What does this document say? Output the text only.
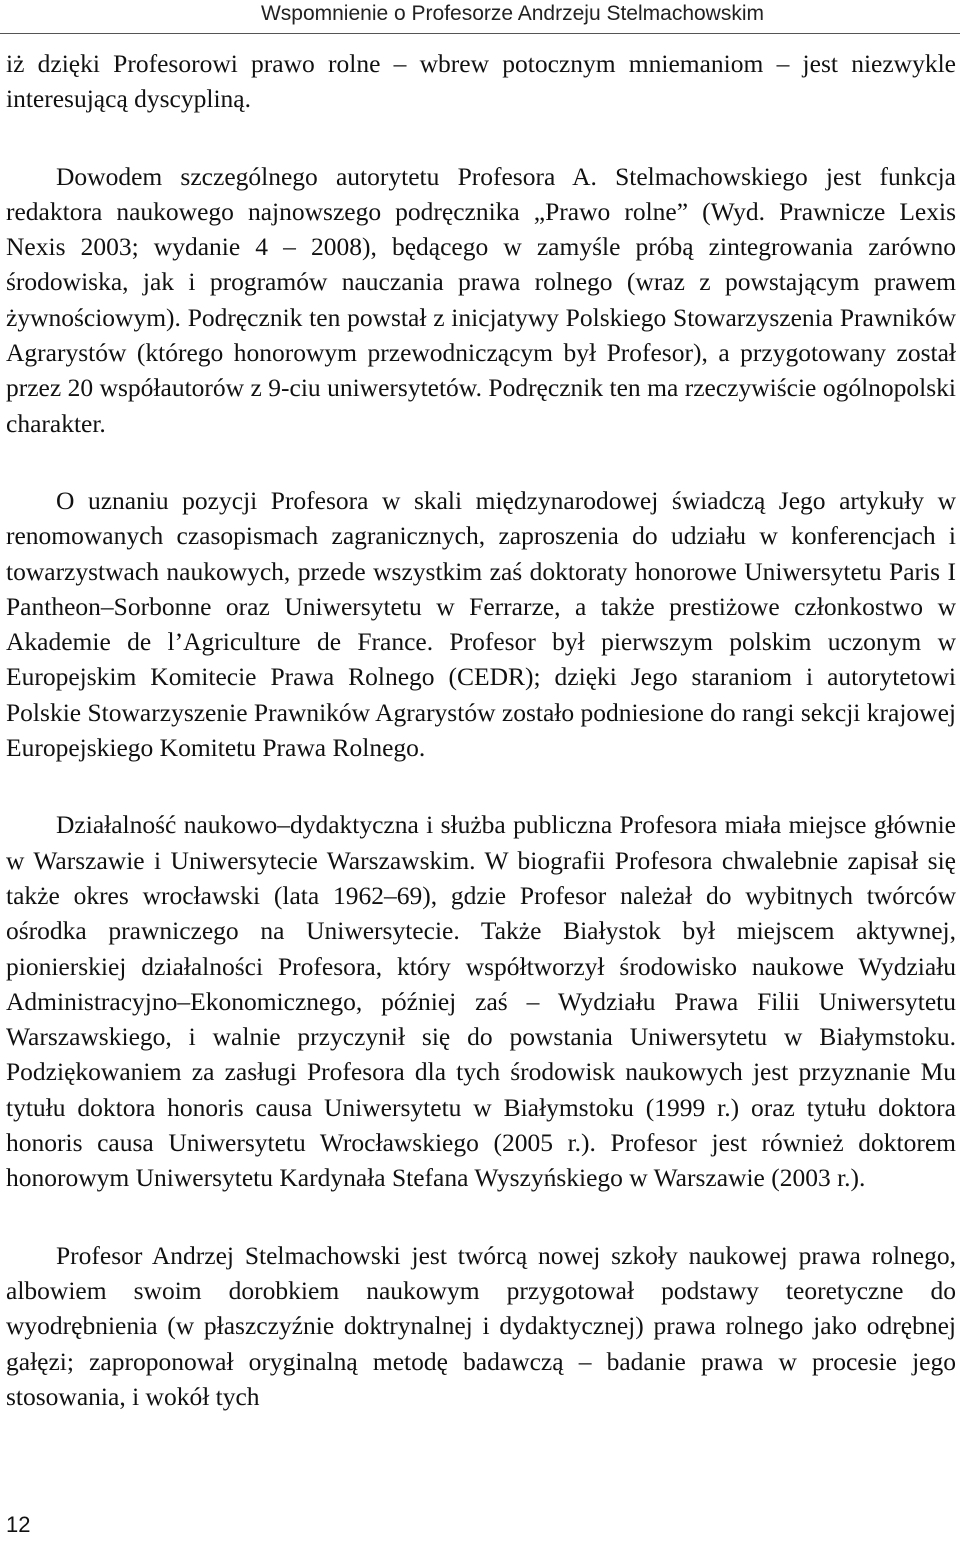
Wspomnienie o Profesorze Andrzeju Stelmachowskim

iż dzięki Profesorowi prawo rolne – wbrew potocznym mniemaniom – jest niezwykle interesującą dyscypliną.

Dowodem szczególnego autorytetu Profesora A. Stelmachowskiego jest funkcja redaktora naukowego najnowszego podręcznika „Prawo rolne” (Wyd. Prawnicze Lexis Nexis 2003; wydanie 4 – 2008), będącego w zamyśle próbą zintegrowania zarówno środowiska, jak i programów nauczania prawa rolnego (wraz z powstającym prawem żywnościowym). Podręcznik ten powstał z inicjatywy Polskiego Stowarzyszenia Prawników Agrarystów (którego honorowym przewodniczącym był Profesor), a przygotowany został przez 20 współautorów z 9-ciu uniwersytetów. Podręcznik ten ma rzeczywiście ogólnopolski charakter.

O uznaniu pozycji Profesora w skali międzynarodowej świadczą Jego artykuły w renomowanych czasopismach zagranicznych, zaproszenia do udziału w konferencjach i towarzystwach naukowych, przede wszystkim zaś doktoraty honorowe Uniwersytetu Paris I Pantheon–Sorbonne oraz Uniwersytetu w Ferrarze, a także prestiżowe członkostwo w Akademie de l’Agriculture de France. Profesor był pierwszym polskim uczonym w Europejskim Komitecie Prawa Rolnego (CEDR); dzięki Jego staraniom i autorytetowi Polskie Stowarzyszenie Prawników Agrarystów zostało podniesione do rangi sekcji krajowej Europejskiego Komitetu Prawa Rolnego.

Działalność naukowo–dydaktyczna i służba publiczna Profesora miała miejsce głównie w Warszawie i Uniwersytecie Warszawskim. W biografii Profesora chwalebnie zapisał się także okres wrocławski (lata 1962–69), gdzie Profesor należał do wybitnych twórców ośrodka prawniczego na Uniwersytecie. Także Białystok był miejscem aktywnej, pionierskiej działalności Profesora, który współtworzył środowisko naukowe Wydziału Administracyjno–Ekonomicznego, później zaś – Wydziału Prawa Filii Uniwersytetu Warszawskiego, i walnie przyczynił się do powstania Uniwersytetu w Białymstoku. Podziękowaniem za zasługi Profesora dla tych środowisk naukowych jest przyznanie Mu tytułu doktora honoris causa Uniwersytetu w Białymstoku (1999 r.) oraz tytułu doktora honoris causa Uniwersytetu Wrocławskiego (2005 r.). Profesor jest również doktorem honorowym Uniwersytetu Kardynała Stefana Wyszyńskiego w Warszawie (2003 r.).

Profesor Andrzej Stelmachowski jest twórcą nowej szkoły naukowej prawa rolnego, albowiem swoim dorobkiem naukowym przygotował podstawy teoretyczne do wyodrębnienia (w płaszczyźnie doktrynalnej i dydaktycznej) prawa rolnego jako odrębnej gałęzi; zaproponował oryginalną metodę badawczą – badanie prawa w procesie jego stosowania, i wokół tych

12
